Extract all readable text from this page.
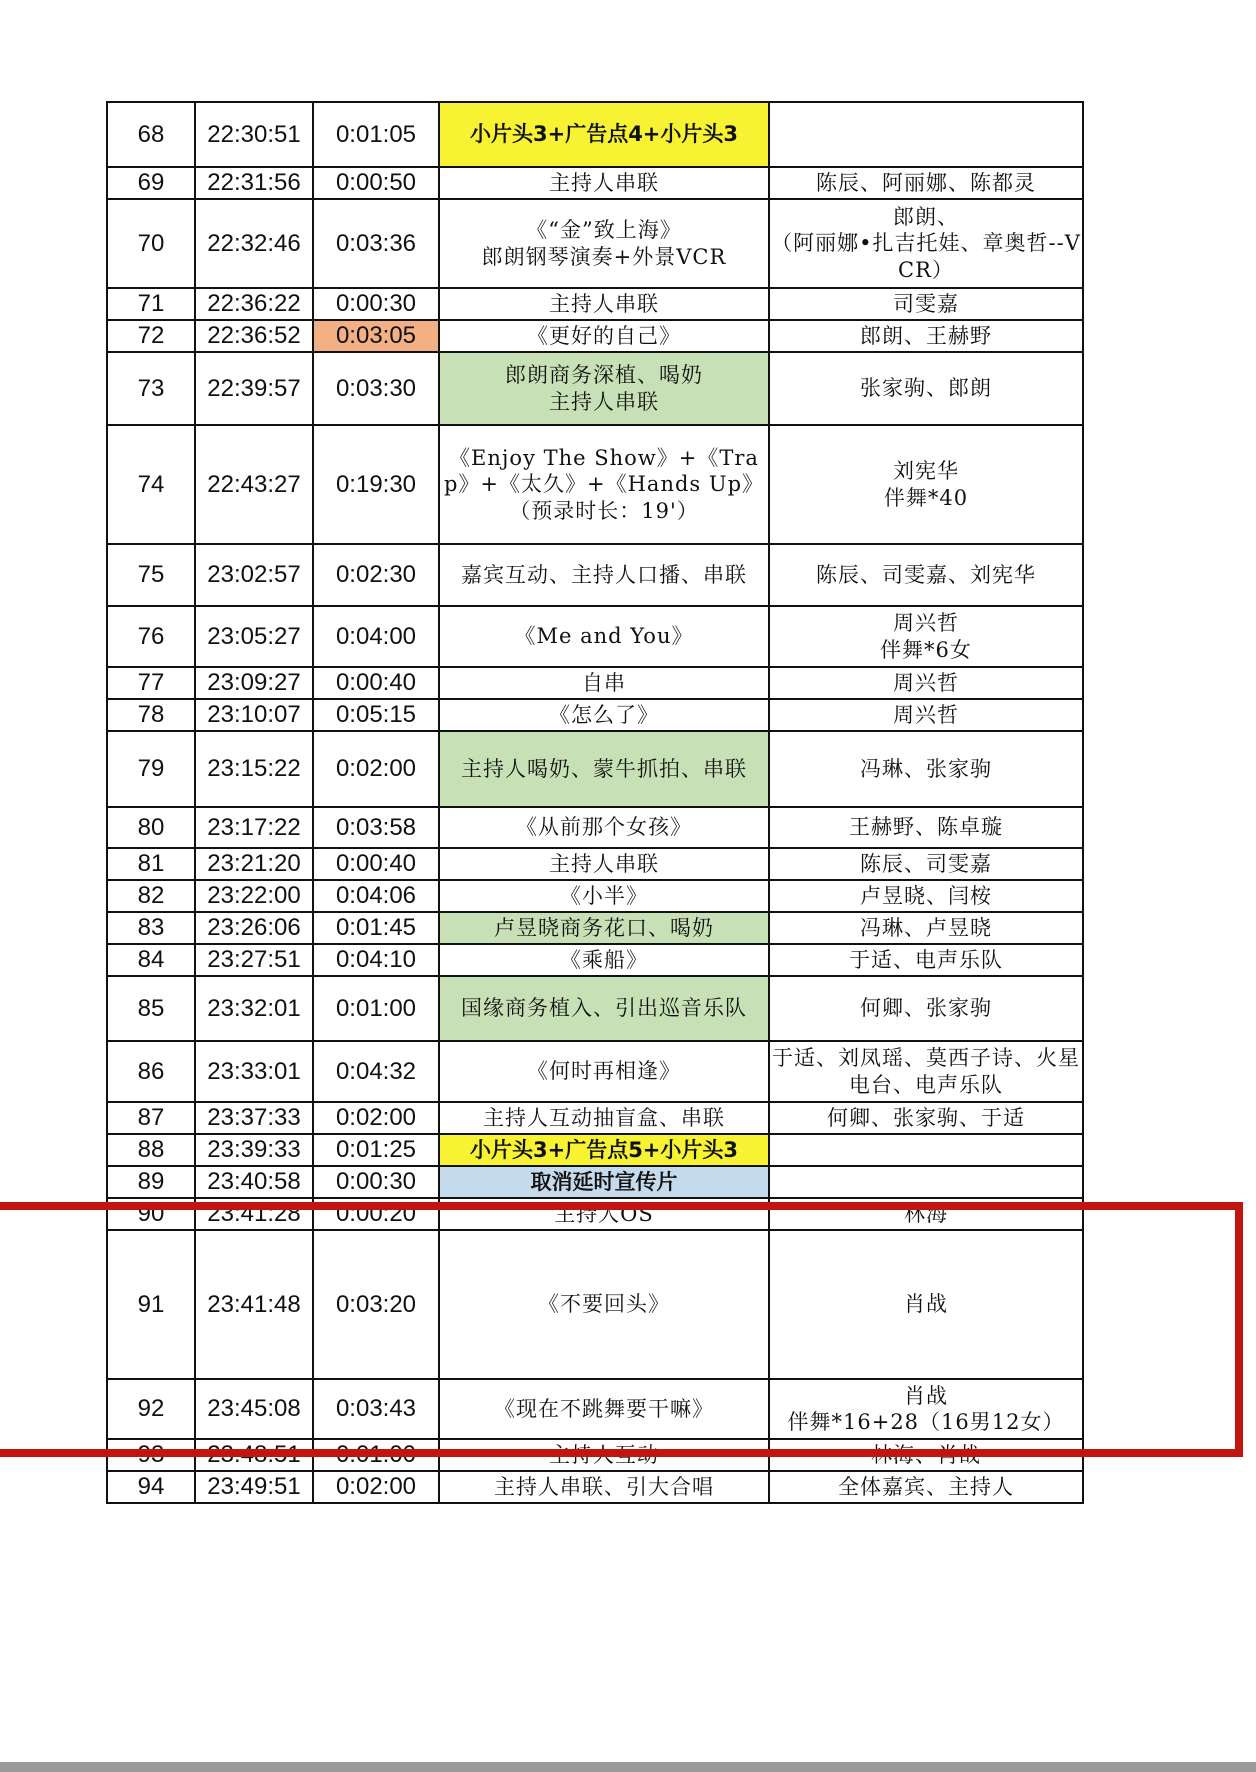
68	22:30:51	0:01:05	小片头3+广告点4+小片头3	
69	22:31:56	0:00:50	主持人串联	陈辰、阿丽娜、陈都灵
70	22:32:46	0:03:36	《“金”致上海》
郎朗钢琴演奏+外景VCR	郎朗、
（阿丽娜•扎吉托娃、章奥哲--VCR）
71	22:36:22	0:00:30	主持人串联	司雯嘉
72	22:36:52	0:03:05	《更好的自己》	郎朗、王赫野
73	22:39:57	0:03:30	郎朗商务深植、喝奶
主持人串联	张家驹、郎朗
74	22:43:27	0:19:30	《Enjoy The Show》+《Trap》+《太久》+《Hands Up》
（预录时长：19'）	刘宪华
伴舞*40
75	23:02:57	0:02:30	嘉宾互动、主持人口播、串联	陈辰、司雯嘉、刘宪华
76	23:05:27	0:04:00	《Me and You》	周兴哲
伴舞*6女
77	23:09:27	0:00:40	自串	周兴哲
78	23:10:07	0:05:15	《怎么了》	周兴哲
79	23:15:22	0:02:00	主持人喝奶、蒙牛抓拍、串联	冯琳、张家驹
80	23:17:22	0:03:58	《从前那个女孩》	王赫野、陈卓璇
81	23:21:20	0:00:40	主持人串联	陈辰、司雯嘉
82	23:22:00	0:04:06	《小半》	卢昱晓、闫桉
83	23:26:06	0:01:45	卢昱晓商务花口、喝奶	冯琳、卢昱晓
84	23:27:51	0:04:10	《乘船》	于适、电声乐队
85	23:32:01	0:01:00	国缘商务植入、引出巡音乐队	何卿、张家驹
86	23:33:01	0:04:32	《何时再相逢》	于适、刘凤瑶、莫西子诗、火星电台、电声乐队
87	23:37:33	0:02:00	主持人互动抽盲盒、串联	何卿、张家驹、于适
88	23:39:33	0:01:25	小片头3+广告点5+小片头3	
89	23:40:58	0:00:30	取消延时宣传片	
90	23:41:28	0:00:20	主持人OS	林海
91	23:41:48	0:03:20	《不要回头》	肖战
92	23:45:08	0:03:43	《现在不跳舞要干嘛》	肖战
伴舞*16+28（16男12女）
93	23:48:51	0:01:00	主持人互动	林海、肖战
94	23:49:51	0:02:00	主持人串联、引大合唱	全体嘉宾、主持人
